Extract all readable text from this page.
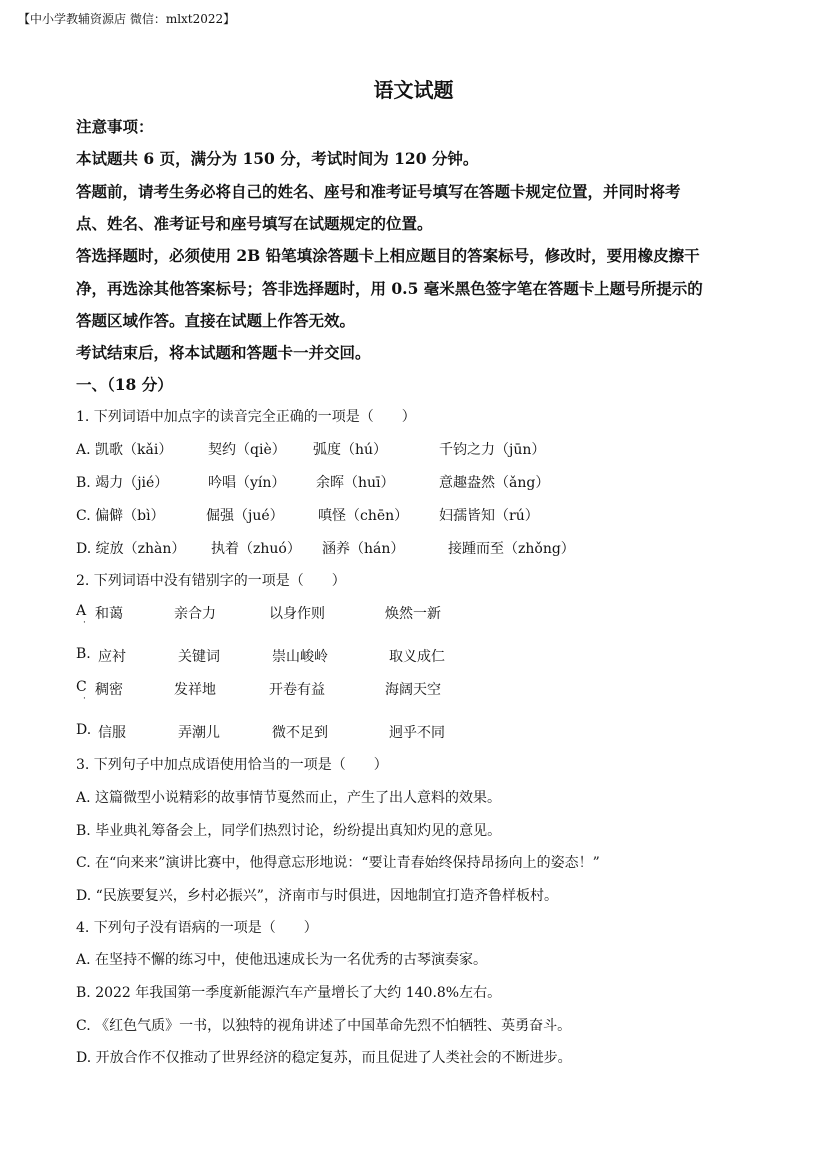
【中小学教辅资源店 微信：mlxt2022】
语文试题
注意事项：
本试题共 6 页，满分为 150 分，考试时间为 120 分钟。
答题前，请考生务必将自己的姓名、座号和准考证号填写在答题卡规定位置，并同时将考
点、姓名、准考证号和座号填写在试题规定的位置。
答选择题时，必须使用 2B 铅笔填涂答题卡上相应题目的答案标号，修改时，要用橡皮擦干
净，再选涂其他答案标号；答非选择题时，用 0.5 毫米黑色签字笔在答题卡上题号所提示的
答题区域作答。直接在试题上作答无效。
考试结束后，将本试题和答题卡一并交回。
一、（18 分）
1. 下列词语中加点字的读音完全正确的一项是（　　）
A. 凯歌（kǎi）	契约（qiè） 弧度（hú）	千钧之力（jūn）
B. 竭力（jié）	吟唱（yín） 余晖（huī）	意趣盎然（ǎng）
C. 偏僻（bì）	倔强（jué） 嗔怪（chēn） 妇孺皆知（rú）
D. 绽放（zhàn） 执着（zhuó） 涵养（hán）	接踵而至（zhǒng）
2. 下列词语中没有错别字的一项是（　　）
A 和蔼	亲合力	以身作则	焕然一新
·
B. 应衬	关键词	崇山峻岭	取义成仁
C 稠密	发祥地	开卷有益	海阔天空
·
D. 信服	弄潮儿	微不足到	迥乎不同
3. 下列句子中加点成语使用恰当的一项是（　　）
A. 这篇微型小说精彩的故事情节戛然而止，产生了出人意料的效果。
B. 毕业典礼筹备会上，同学们热烈讨论，纷纷提出真知灼见的意见。
C. 在“向来来”演讲比赛中，他得意忘形地说：“要让青春始终保持昂扬向上的姿态！”
D. “民族要复兴，乡村必振兴”，济南市与时俱进，因地制宜打造齐鲁样板村。
4. 下列句子没有语病的一项是（　　）
A. 在坚持不懈的练习中，使他迅速成长为一名优秀的古琴演奏家。
B. 2022 年我国第一季度新能源汽车产量增长了大约 140.8%左右。
C. 《红色气质》一书，以独特的视角讲述了中国革命先烈不怕牺牲、英勇奋斗。
D. 开放合作不仅推动了世界经济的稳定复苏，而且促进了人类社会的不断进步。
